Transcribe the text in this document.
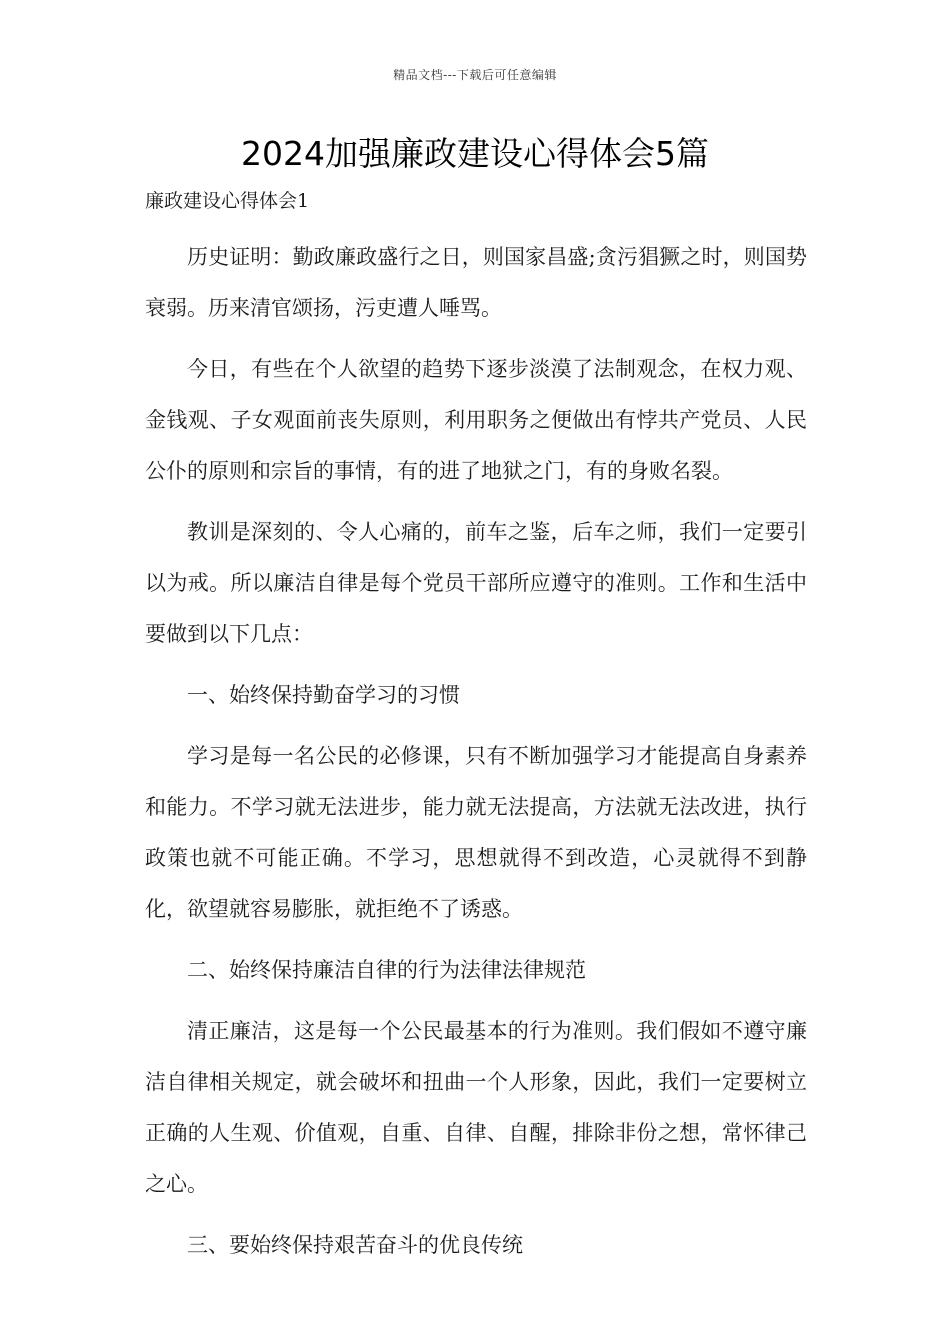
精品文档---下载后可任意编辑
2024加强廉政建设心得体会5篇

廉政建设心得体会1

历史证明：勤政廉政盛行之日，则国家昌盛;贪污猖獗之时，则国势衰弱。历来清官颂扬，污吏遭人唾骂。

今日，有些在个人欲望的趋势下逐步淡漠了法制观念，在权力观、金钱观、子女观面前丧失原则，利用职务之便做出有悖共产党员、人民公仆的原则和宗旨的事情，有的进了地狱之门，有的身败名裂。

教训是深刻的、令人心痛的，前车之鉴，后车之师，我们一定要引以为戒。所以廉洁自律是每个党员干部所应遵守的准则。工作和生活中要做到以下几点：

一、始终保持勤奋学习的习惯

学习是每一名公民的必修课，只有不断加强学习才能提高自身素养和能力。不学习就无法进步，能力就无法提高，方法就无法改进，执行政策也就不可能正确。不学习，思想就得不到改造，心灵就得不到静化，欲望就容易膨胀，就拒绝不了诱惑。

二、始终保持廉洁自律的行为法律法律规范

清正廉洁，这是每一个公民最基本的行为准则。我们假如不遵守廉洁自律相关规定，就会破坏和扭曲一个人形象，因此，我们一定要树立正确的人生观、价值观，自重、自律、自醒，排除非份之想，常怀律己之心。

三、要始终保持艰苦奋斗的优良传统
